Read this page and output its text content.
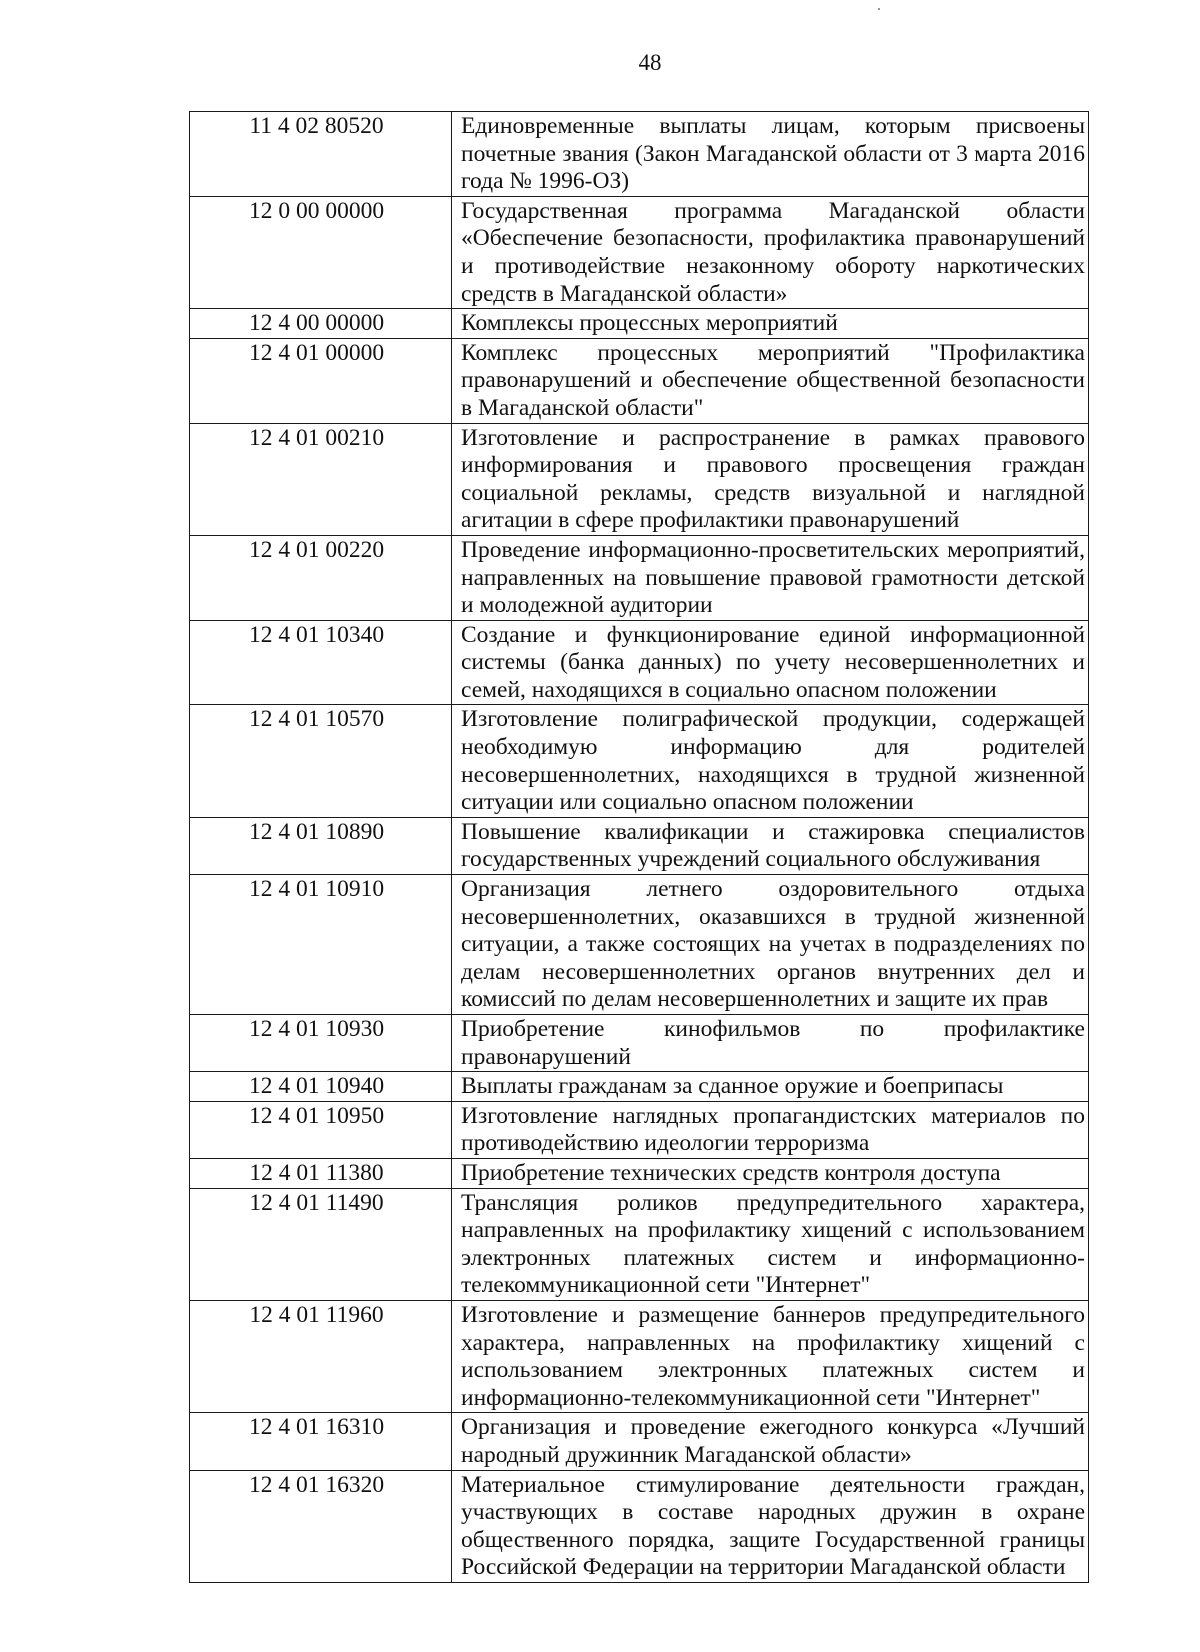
48
11 4 02 80520	Единовременные выплаты лицам, которым присвоены почетные звания (Закон Магаданской области от 3 марта 2016 года № 1996-ОЗ)
12 0 00 00000	Государственная программа Магаданской области «Обеспечение безопасности, профилактика правонарушений и противодействие незаконному обороту наркотических средств в Магаданской области»
12 4 00 00000	Комплексы процессных мероприятий
12 4 01 00000	Комплекс процессных мероприятий "Профилактика правонарушений и обеспечение общественной безопасности в Магаданской области"
12 4 01 00210	Изготовление и распространение в рамках правового информирования и правового просвещения граждан социальной рекламы, средств визуальной и наглядной агитации в сфере профилактики правонарушений
12 4 01 00220	Проведение информационно-просветительских мероприятий, направленных на повышение правовой грамотности детской и молодежной аудитории
12 4 01 10340	Создание и функционирование единой информационной системы (банка данных) по учету несовершеннолетних и семей, находящихся в социально опасном положении
12 4 01 10570	Изготовление полиграфической продукции, содержащей необходимую информацию для родителей несовершеннолетних, находящихся в трудной жизненной ситуации или социально опасном положении
12 4 01 10890	Повышение квалификации и стажировка специалистов государственных учреждений социального обслуживания
12 4 01 10910	Организация летнего оздоровительного отдыха несовершеннолетних, оказавшихся в трудной жизненной ситуации, а также состоящих на учетах в подразделениях по делам несовершеннолетних органов внутренних дел и комиссий по делам несовершеннолетних и защите их прав
12 4 01 10930	Приобретение кинофильмов по профилактике правонарушений
12 4 01 10940	Выплаты гражданам за сданное оружие и боеприпасы
12 4 01 10950	Изготовление наглядных пропагандистских материалов по противодействию идеологии терроризма
12 4 01 11380	Приобретение технических средств контроля доступа
12 4 01 11490	Трансляция роликов предупредительного характера, направленных на профилактику хищений с использованием электронных платежных систем и информационно-телекоммуникационной сети "Интернет"
12 4 01 11960	Изготовление и размещение баннеров предупредительного характера, направленных на профилактику хищений с использованием электронных платежных систем и информационно-телекоммуникационной сети "Интернет"
12 4 01 16310	Организация и проведение ежегодного конкурса «Лучший народный дружинник Магаданской области»
12 4 01 16320	Материальное стимулирование деятельности граждан, участвующих в составе народных дружин в охране общественного порядка, защите Государственной границы Российской Федерации на территории Магаданской области
